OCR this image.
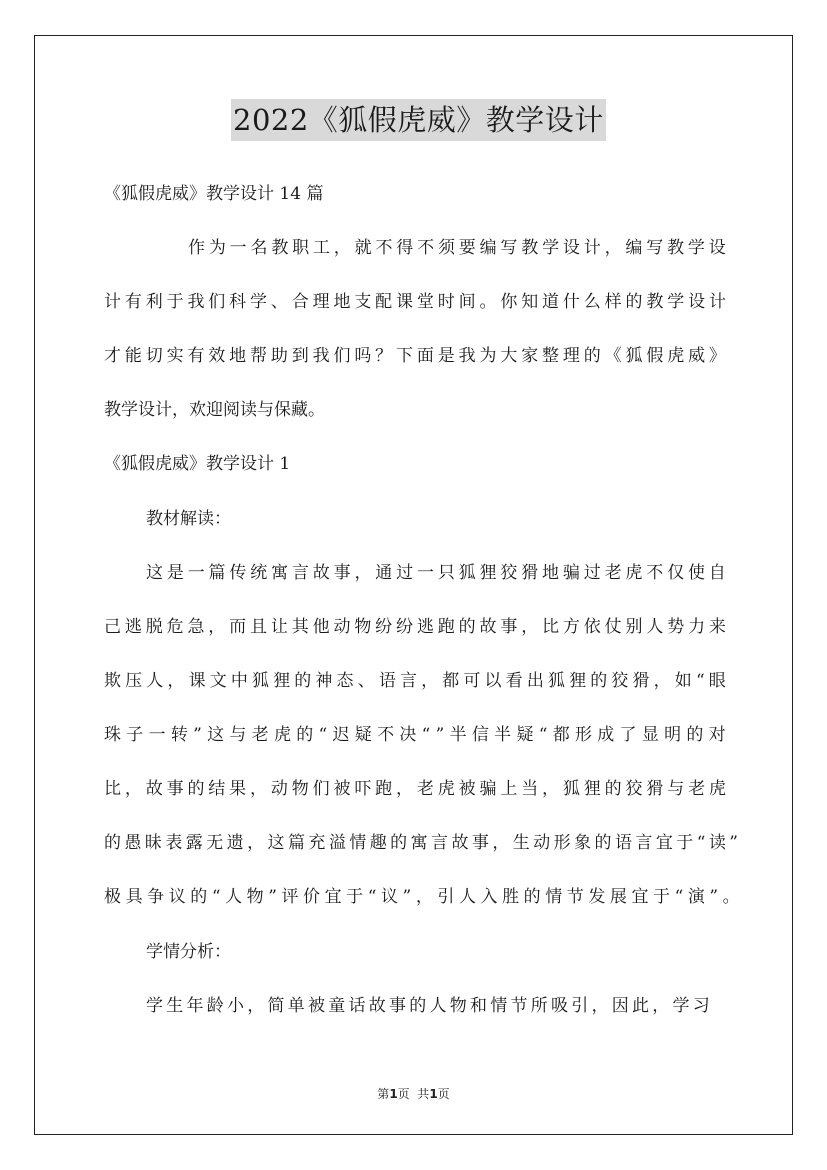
2022《狐假虎威》教学设计
《狐假虎威》教学设计 14 篇
作 为 一 名 教 职 工 ， 就 不 得 不 须 要 编 写 教 学 设 计 ， 编 写 教 学 设
计 有 利 于 我 们 科 学 、 合 理 地 支 配 课 堂 时 间 。 你 知 道 什 么 样 的 教 学 设 计
才 能 切 实 有 效 地 帮 助 到 我 们 吗 ？ 下 面 是 我 为 大 家 整 理 的 《 狐 假 虎 威 》
教学设计，欢迎阅读与保藏。
《狐假虎威》教学设计 1
教材解读：
这 是 一 篇 传 统 寓 言 故 事 ， 通 过 一 只 狐 狸 狡 猾 地 骗 过 老 虎 不 仅 使 自
己 逃 脱 危 急 ， 而 且 让 其 他 动 物 纷 纷 逃 跑 的 故 事 ， 比 方 依 仗 别 人 势 力 来
欺 压 人 ， 课 文 中 狐 狸 的 神 态 、 语 言 ， 都 可 以 看 出 狐 狸 的 狡 猾 ， 如 “ 眼
珠 子 一 转 ” 这 与 老 虎 的 “ 迟 疑 不 决 “ ” 半 信 半 疑 “ 都 形 成 了 显 明 的 对
比 ， 故 事 的 结 果 ， 动 物 们 被 吓 跑 ， 老 虎 被 骗 上 当 ， 狐 狸 的 狡 猾 与 老 虎
的 愚 昧 表 露 无 遗 ， 这 篇 充 溢 情 趣 的 寓 言 故 事 ， 生 动 形 象 的 语 言 宜 于 “ 读 ”
极 具 争 议 的 “ 人 物 ” 评 价 宜 于 “ 议 ” ， 引 人 入 胜 的 情 节 发 展 宜 于 “ 演 ” 。
学情分析：
学 生 年 龄 小 ， 简 单 被 童 话 故 事 的 人 物 和 情 节 所 吸 引 ， 因 此 ， 学 习
第1页  共1页
